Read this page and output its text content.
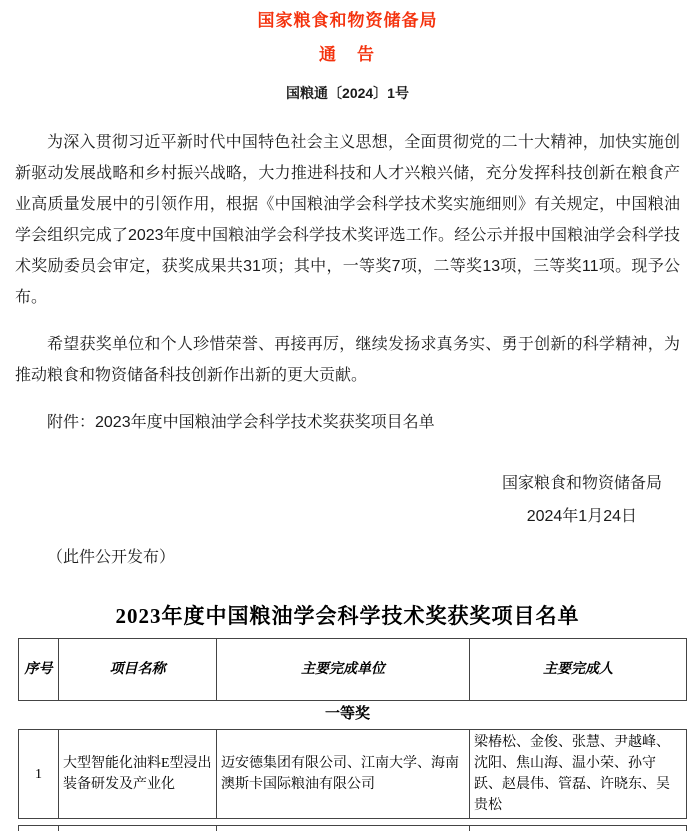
国家粮食和物资储备局
通　告
国粮通〔2024〕1号

为深入贯彻习近平新时代中国特色社会主义思想，全面贯彻党的二十大精神，加快实施创新驱动发展战略和乡村振兴战略，大力推进科技和人才兴粮兴储，充分发挥科技创新在粮食产业高质量发展中的引领作用，根据《中国粮油学会科学技术奖实施细则》有关规定，中国粮油学会组织完成了2023年度中国粮油学会科学技术奖评选工作。经公示并报中国粮油学会科学技术奖励委员会审定，获奖成果共31项；其中，一等奖7项，二等奖13项，三等奖11项。现予公布。

希望获奖单位和个人珍惜荣誉、再接再厉，继续发扬求真务实、勇于创新的科学精神，为推动粮食和物资储备科技创新作出新的更大贡献。

附件：2023年度中国粮油学会科学技术奖获奖项目名单

国家粮食和物资储备局
2024年1月24日
（此件公开发布）
2023年度中国粮油学会科学技术奖获奖项目名单
序号	项目名称	主要完成单位	主要完成人
一等奖
1	大型智能化油料E型浸出装备研发及产业化	迈安德集团有限公司、江南大学、海南澳斯卡国际粮油有限公司	梁椿松、金俊、张慧、尹越峰、沈阳、焦山海、温小荣、孙守跃、赵晨伟、管磊、许晓东、吴贵松
